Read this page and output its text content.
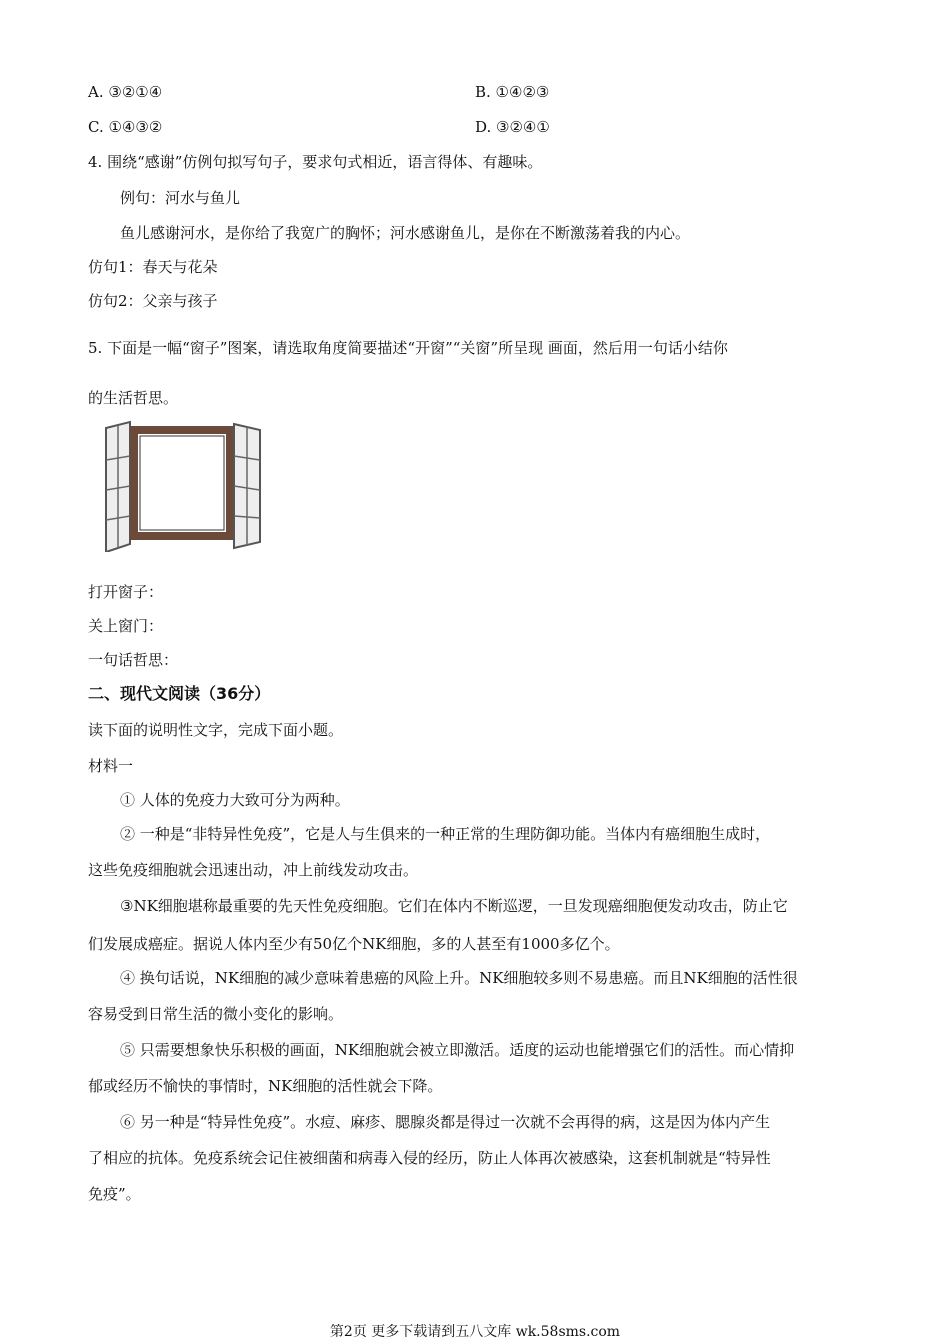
A. ③②①④	B. ①④②③
C. ①④③②	D. ③②④①
4. 围绕“感谢”仿例句拟写句子，要求句式相近，语言得体、有趣味。
例句：河水与鱼儿
鱼儿感谢河水，是你给了我宽广的胸怀；河水感谢鱼儿，是你在不断激荡着我的内心。
仿句1：春天与花朵
仿句2：父亲与孩子
5. 下面是一幅“窗子”图案，请选取角度简要描述“开窗”“关窗”所呈现 画面，然后用一句话小结你
的生活哲思。
打开窗子：
关上窗门：
一句话哲思：
二、现代文阅读（36分）
读下面的说明性文字，完成下面小题。
材料一
① 人体的免疫力大致可分为两种。
② 一种是“非特异性免疫”，它是人与生俱来的一种正常的生理防御功能。当体内有癌细胞生成时，
这些免疫细胞就会迅速出动，冲上前线发动攻击。
③NK细胞堪称最重要的先天性免疫细胞。它们在体内不断巡逻，一旦发现癌细胞便发动攻击，防止它
们发展成癌症。据说人体内至少有50亿个NK细胞，多的人甚至有1000多亿个。
④ 换句话说，NK细胞的减少意味着患癌的风险上升。NK细胞较多则不易患癌。而且NK细胞的活性很
容易受到日常生活的微小变化的影响。
⑤ 只需要想象快乐积极的画面，NK细胞就会被立即激活。适度的运动也能增强它们的活性。而心情抑
郁或经历不愉快的事情时，NK细胞的活性就会下降。
⑥ 另一种是“特异性免疫”。水痘、麻疹、腮腺炎都是得过一次就不会再得的病，这是因为体内产生
了相应的抗体。免疫系统会记住被细菌和病毒入侵的经历，防止人体再次被感染，这套机制就是“特异性
免疫”。
第2页 更多下载请到五八文库 wk.58sms.com
